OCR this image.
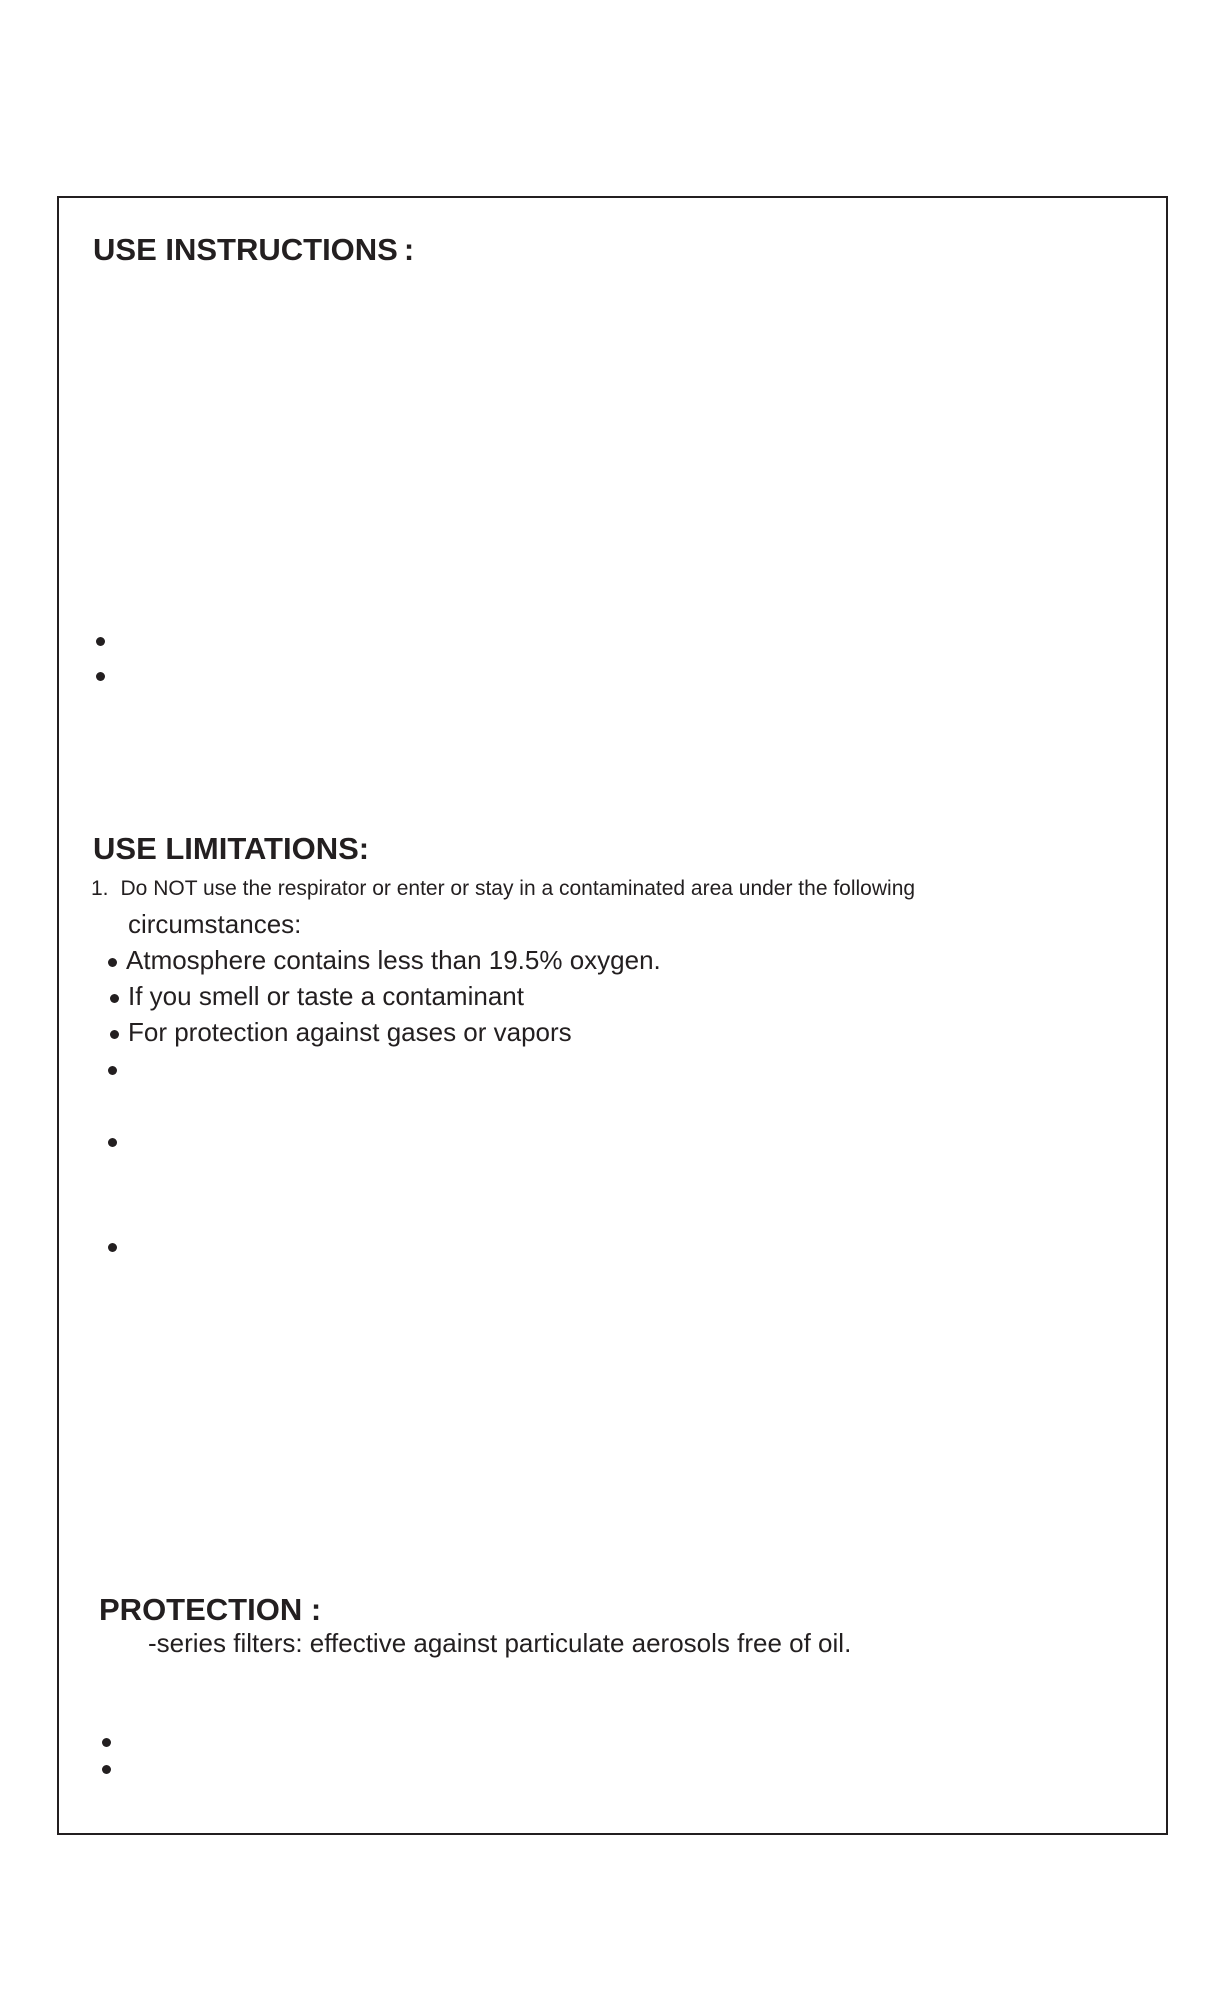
USE INSTRUCTIONS :

USE LIMITATIONS:

1. Do NOT use the respirator or enter or stay in a contaminated area under the following

circumstances:

Atmosphere contains less than 19.5% oxygen.

If you smell or taste a contaminant

For protection against gases or vapors

PROTECTION :

-series filters: effective against particulate aerosols free of oil.
